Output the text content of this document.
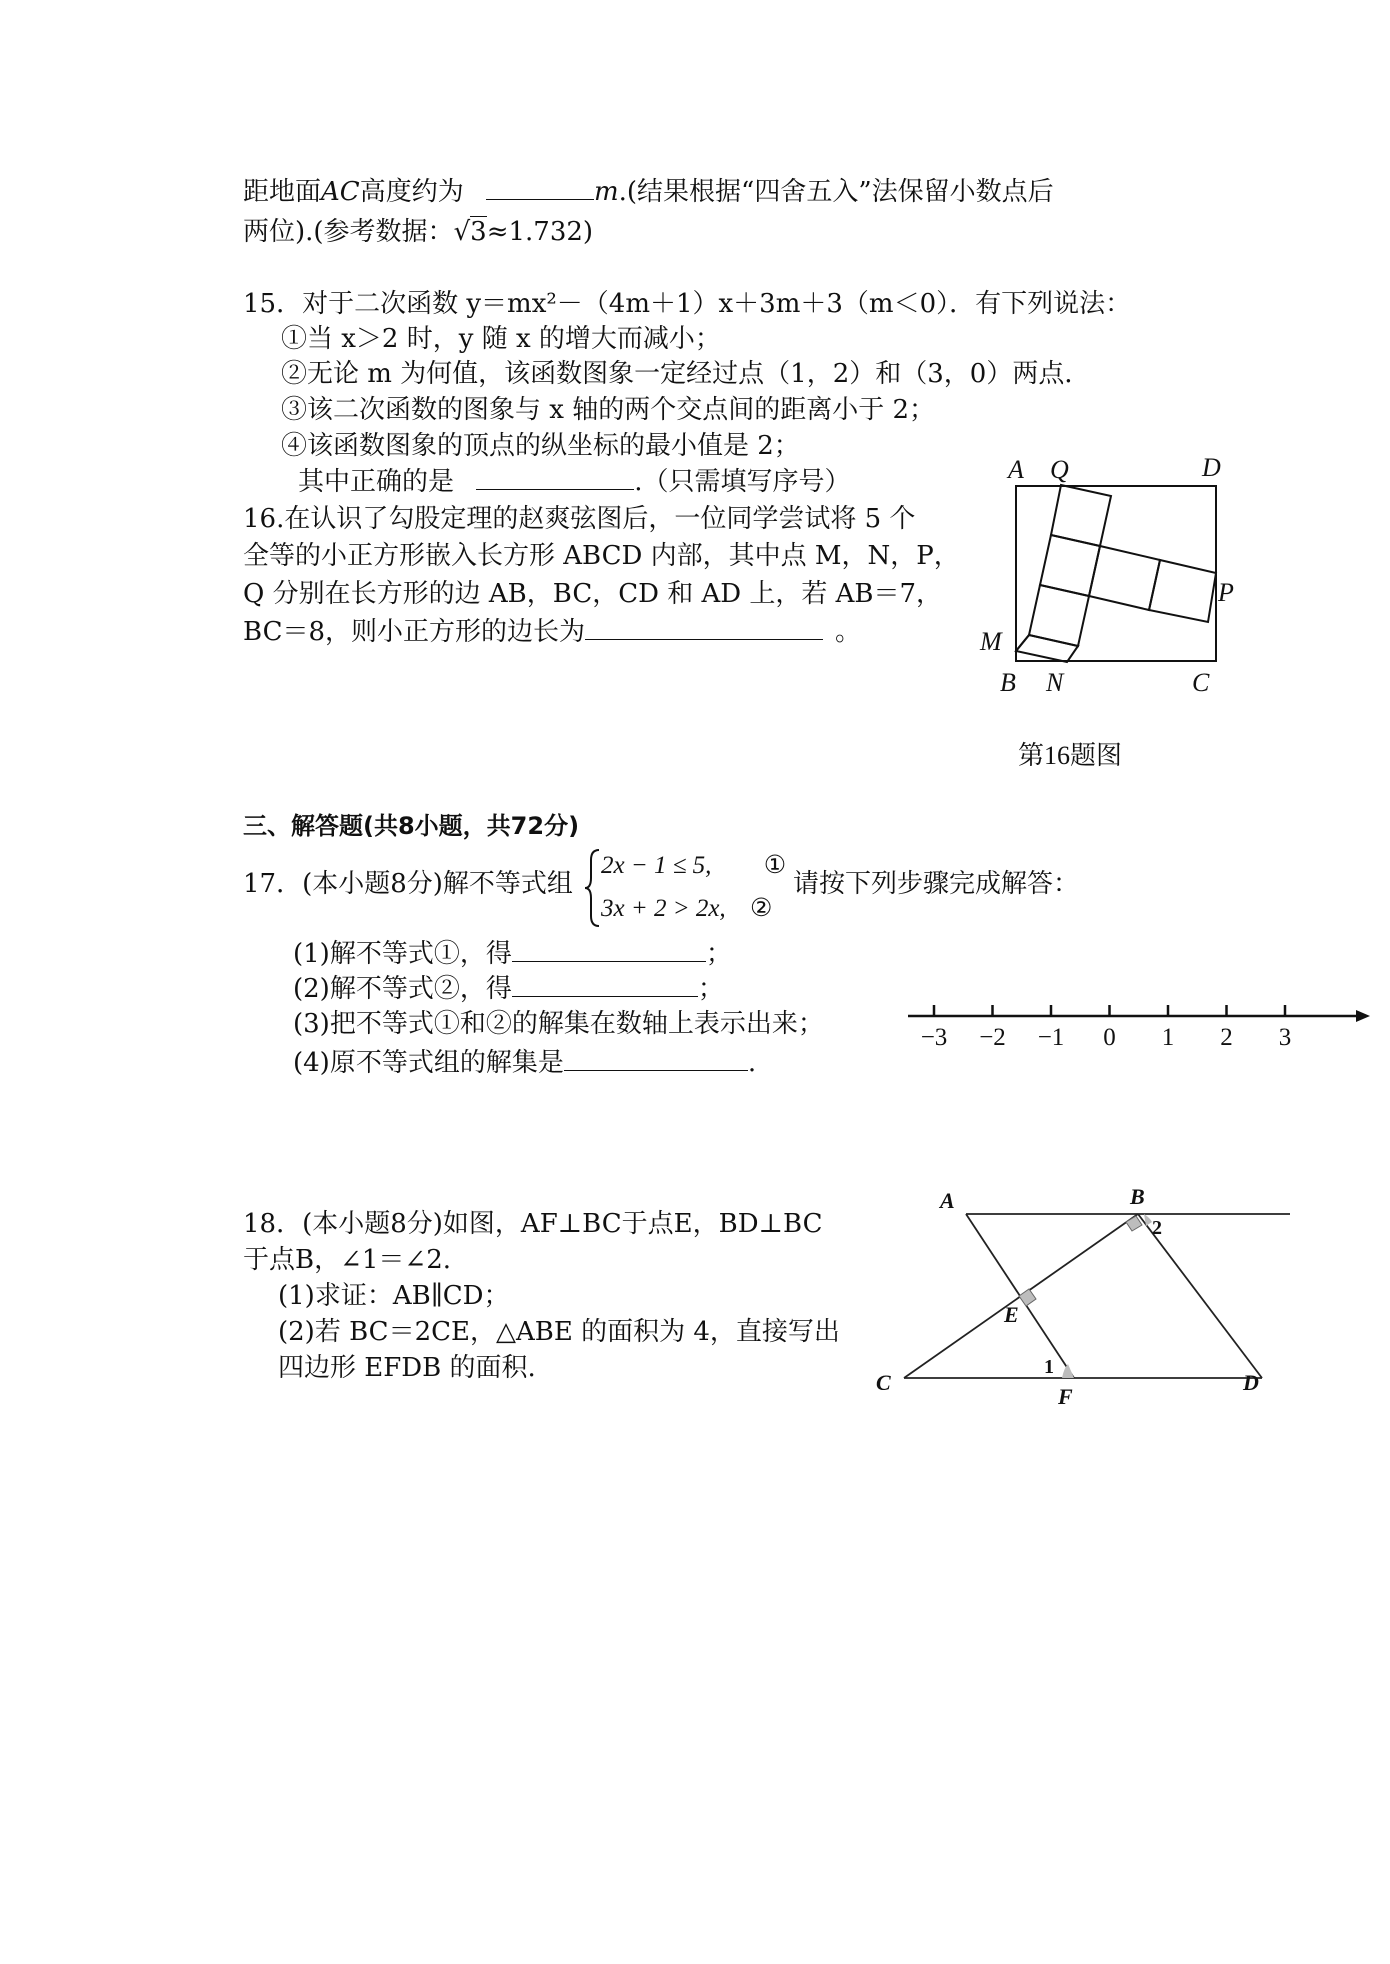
距地面AC高度约为	m.(结果根据“四舍五入”法保留小数点后
两位).(参考数据：√3≈1.732)
15．对于二次函数 y＝mx²－（4m＋1）x＋3m＋3（m＜0）．有下列说法：
①当 x＞2 时，y 随 x 的增大而减小；
②无论 m 为何值，该函数图象一定经过点（1，2）和（3，0）两点．
③该二次函数的图象与 x 轴的两个交点间的距离小于 2；
④该函数图象的顶点的纵坐标的最小值是 2；
其中正确的是	.（只需填写序号）
16.在认识了勾股定理的赵爽弦图后，一位同学尝试将 5 个
全等的小正方形嵌入长方形 ABCD 内部，其中点 M，N，P，
Q 分别在长方形的边 AB，BC，CD 和 AD 上，若 AB＝7，
BC＝8，则小正方形的边长为	。
A Q	D
P
M
B N	C
第16题图
三、解答题(共8小题，共72分)
17．(本小题8分)解不等式组
2x − 1 ≤ 5, ①
3x + 2 > 2x, ②
请按下列步骤完成解答：
(1)解不等式①，得	；
(2)解不等式②，得	；
(3)把不等式①和②的解集在数轴上表示出来；
(4)原不等式组的解集是	.
−3 −2 −1 0 1 2 3
18．(本小题8分)如图，AF⊥BC于点E，BD⊥BC
于点B，∠1＝∠2.
(1)求证：AB∥CD；
(2)若 BC＝2CE，△ABE 的面积为 4，直接写出
四边形 EFDB 的面积.
A	B
C	D
E
F
1
2
